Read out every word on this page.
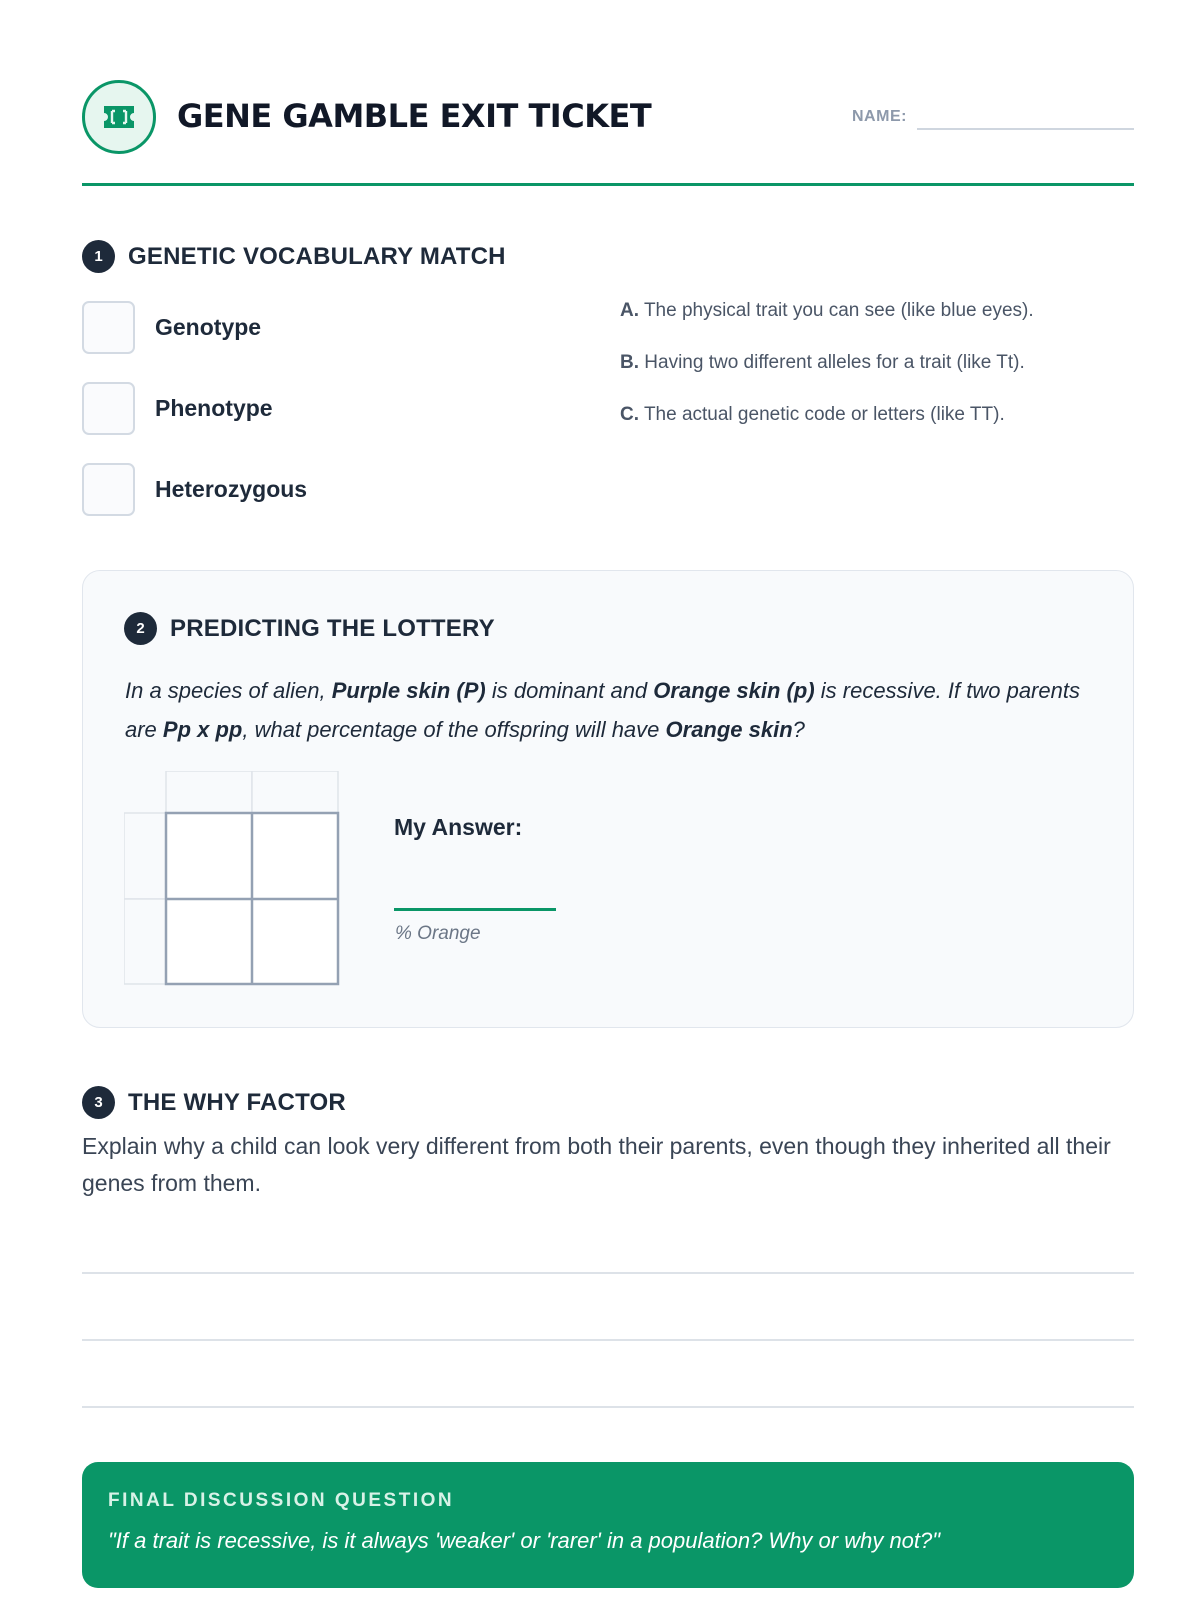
GENE GAMBLE EXIT TICKET	NAME:
1	GENETIC VOCABULARY MATCH
Genotype
Phenotype
Heterozygous
A. The physical trait you can see (like blue eyes).
B. Having two different alleles for a trait (like Tt).
C. The actual genetic code or letters (like TT).
2	PREDICTING THE LOTTERY
In a species of alien, Purple skin (P) is dominant and Orange skin (p) is recessive. If two parents are Pp x pp, what percentage of the offspring will have Orange skin?
My Answer:
% Orange
3	THE WHY FACTOR
Explain why a child can look very different from both their parents, even though they inherited all their genes from them.
FINAL DISCUSSION QUESTION
"If a trait is recessive, is it always 'weaker' or 'rarer' in a population? Why or why not?"
